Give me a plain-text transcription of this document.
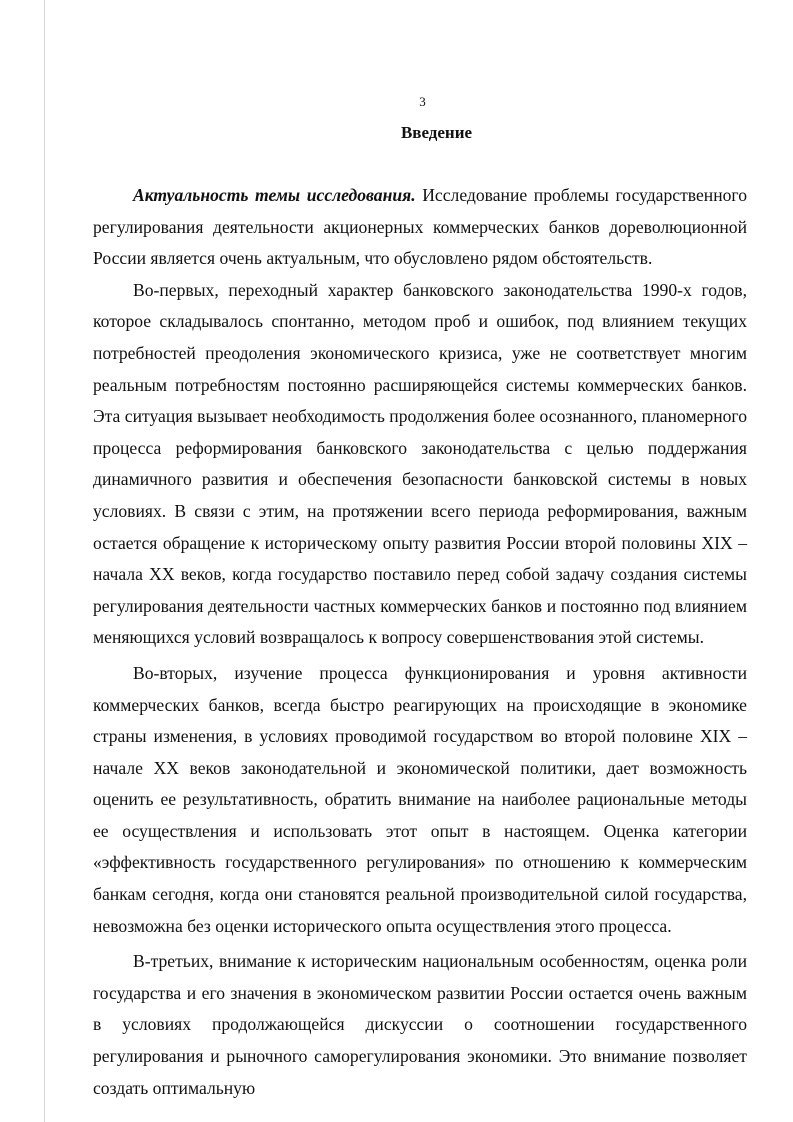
3
Введение

Актуальность темы исследования. Исследование проблемы государственного регулирования деятельности акционерных коммерческих банков дореволюционной России является очень актуальным, что обусловлено рядом обстоятельств.

Во-первых, переходный характер банковского законодательства 1990-х годов, которое складывалось спонтанно, методом проб и ошибок, под влиянием текущих потребностей преодоления экономического кризиса, уже не соответствует многим реальным потребностям постоянно расширяющейся системы коммерческих банков. Эта ситуация вызывает необходимость продолжения более осознанного, планомерного процесса реформирования банковского законодательства с целью поддержания динамичного развития и обеспечения безопасности банковской системы в новых условиях. В связи с этим, на протяжении всего периода реформирования, важным остается обращение к историческому опыту развития России второй половины XIX – начала XX веков, когда государство поставило перед собой задачу создания системы регулирования деятельности частных коммерческих банков и постоянно под влиянием меняющихся условий возвращалось к вопросу совершенствования этой системы.

Во-вторых, изучение процесса функционирования и уровня активности коммерческих банков, всегда быстро реагирующих на происходящие в экономике страны изменения, в условиях проводимой государством во второй половине XIX – начале XX веков законодательной и экономической политики, дает возможность оценить ее результативность, обратить внимание на наиболее рациональные методы ее осуществления и использовать этот опыт в настоящем. Оценка категории «эффективность государственного регулирования» по отношению к коммерческим банкам сегодня, когда они становятся реальной производительной силой государства, невозможна без оценки исторического опыта осуществления этого процесса.

В-третьих, внимание к историческим национальным особенностям, оценка роли государства и его значения в экономическом развитии России остается очень важным в условиях продолжающейся дискуссии о соотношении государственного регулирования и рыночного саморегулирования экономики. Это внимание позволяет создать оптимальную
